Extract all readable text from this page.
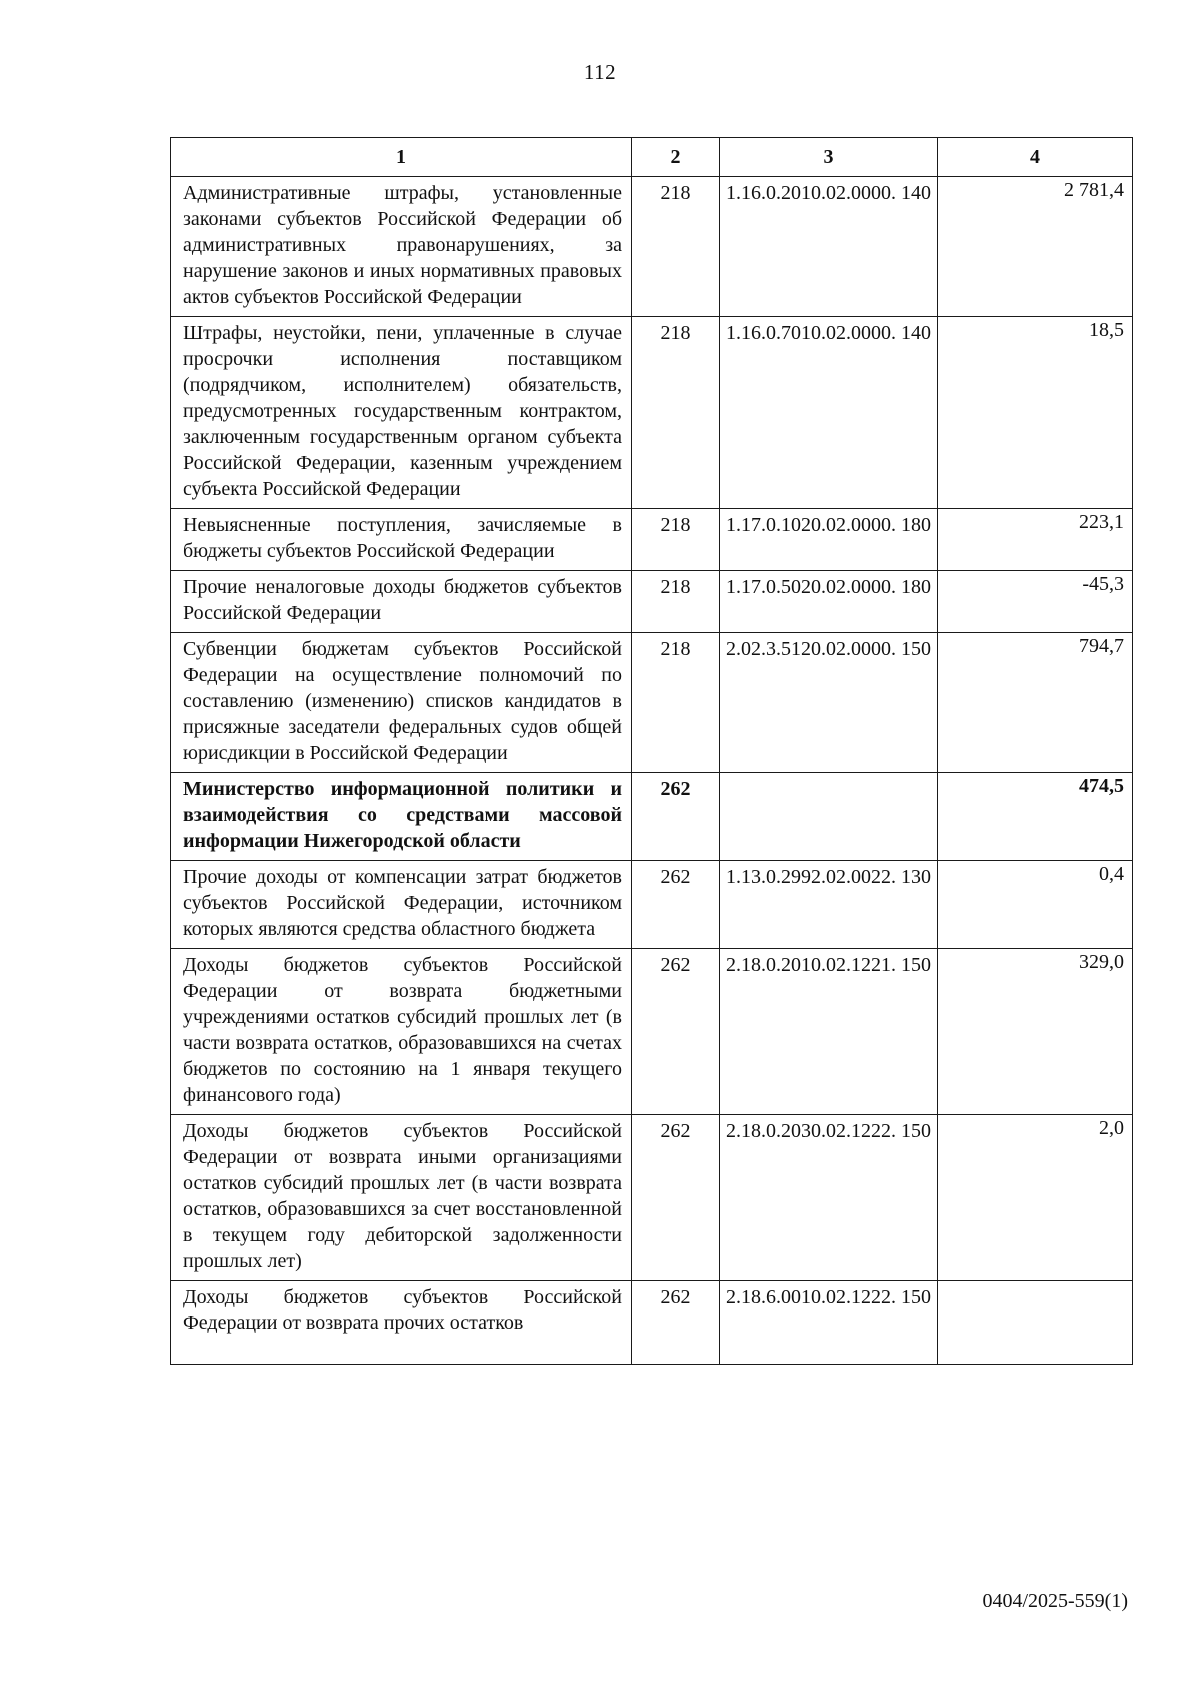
112
1	2	3	4
Административные штрафы, установленные законами субъектов Российской Федерации об административных правонарушениях, за нарушение законов и иных нормативных правовых актов субъектов Российской Федерации	218	1.16.0.2010.02.0000. 140	2 781,4
Штрафы, неустойки, пени, уплаченные в случае просрочки исполнения поставщиком (подрядчиком, исполнителем) обязательств, предусмотренных государственным контрактом, заключенным государственным органом субъекта Российской Федерации, казенным учреждением субъекта Российской Федерации	218	1.16.0.7010.02.0000. 140	18,5
Невыясненные поступления, зачисляемые в бюджеты субъектов Российской Федерации	218	1.17.0.1020.02.0000. 180	223,1
Прочие неналоговые доходы бюджетов субъектов Российской Федерации	218	1.17.0.5020.02.0000. 180	-45,3
Субвенции бюджетам субъектов Российской Федерации на осуществление полномочий по составлению (изменению) списков кандидатов в присяжные заседатели федеральных судов общей юрисдикции в Российской Федерации	218	2.02.3.5120.02.0000. 150	794,7
Министерство информационной политики и взаимодействия со средствами массовой информации Нижегородской области	262		474,5
Прочие доходы от компенсации затрат бюджетов субъектов Российской Федерации, источником которых являются средства областного бюджета	262	1.13.0.2992.02.0022. 130	0,4
Доходы бюджетов субъектов Российской Федерации от возврата бюджетными учреждениями остатков субсидий прошлых лет (в части возврата остатков, образовавшихся на счетах бюджетов по состоянию на 1 января текущего финансового года)	262	2.18.0.2010.02.1221. 150	329,0
Доходы бюджетов субъектов Российской Федерации от возврата иными организациями остатков субсидий прошлых лет (в части возврата остатков, образовавшихся за счет восстановленной в текущем году дебиторской задолженности прошлых лет)	262	2.18.0.2030.02.1222. 150	2,0
Доходы бюджетов субъектов Российской Федерации от возврата прочих остатков	262	2.18.6.0010.02.1222. 150	
0404/2025-559(1)
